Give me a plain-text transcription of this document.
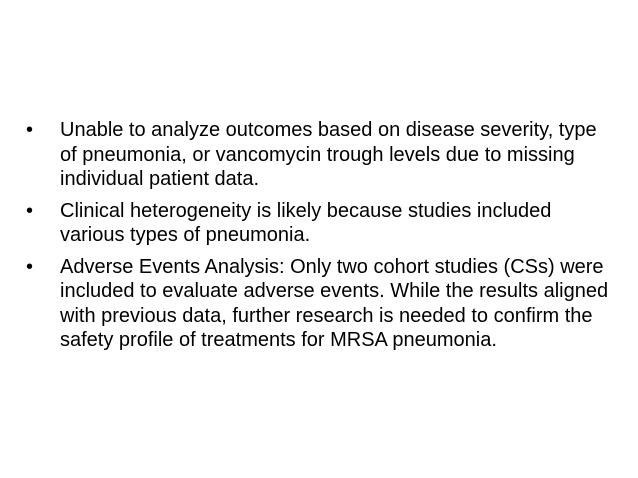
• Unable to analyze outcomes based on disease severity, type of pneumonia, or vancomycin trough levels due to missing individual patient data.
• Clinical heterogeneity is likely because studies included various types of pneumonia.
• Adverse Events Analysis: Only two cohort studies (CSs) were included to evaluate adverse events. While the results aligned with previous data, further research is needed to confirm the safety profile of treatments for MRSA pneumonia.
